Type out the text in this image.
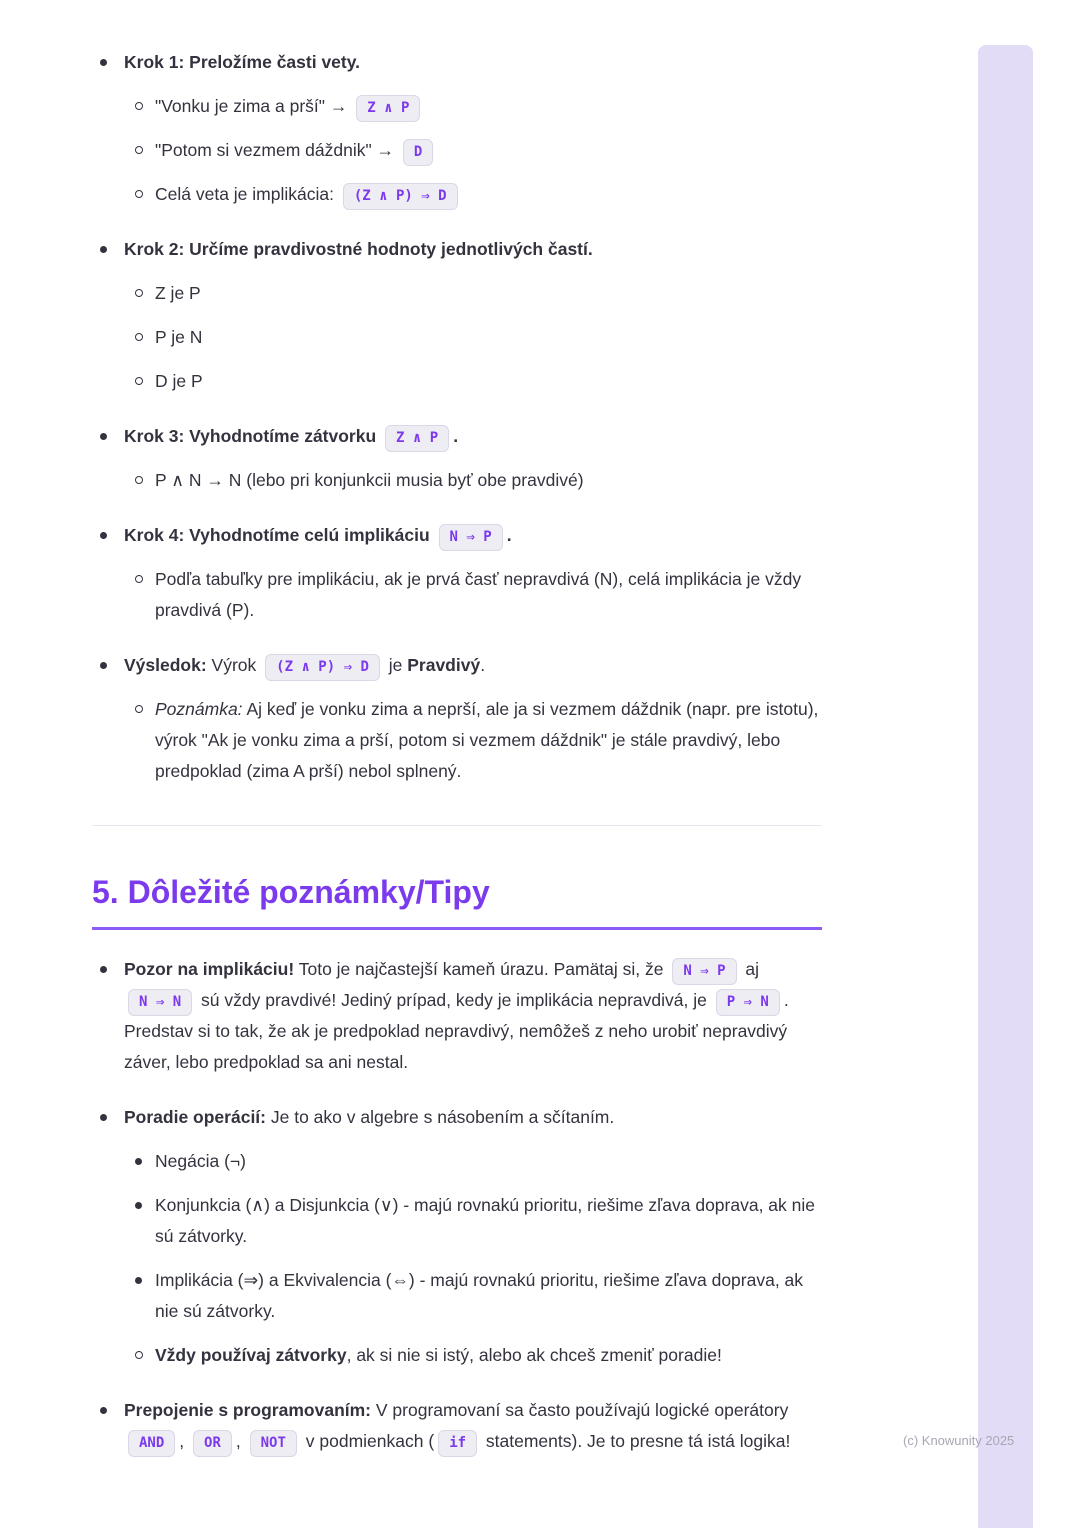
Krok 1: Preložíme časti vety.
"Vonku je zima a prší" → Z ∧ P
"Potom si vezmem dáždnik" → D
Celá veta je implikácia: (Z ∧ P) ⇒ D
Krok 2: Určíme pravdivostné hodnoty jednotlivých častí.
Z je P
P je N
D je P
Krok 3: Vyhodnotíme zátvorku Z ∧ P .
P ∧ N → N (lebo pri konjunkcii musia byť obe pravdivé)
Krok 4: Vyhodnotíme celú implikáciu N ⇒ P .
Podľa tabuľky pre implikáciu, ak je prvá časť nepravdivá (N), celá implikácia je vždy pravdivá (P).
Výsledok: Výrok (Z ∧ P) ⇒ D je Pravdivý.
Poznámka: Aj keď je vonku zima a neprší, ale ja si vezmem dáždnik (napr. pre istotu), výrok "Ak je vonku zima a prší, potom si vezmem dáždnik" je stále pravdivý, lebo predpoklad (zima A prší) nebol splnený.
5. Dôležité poznámky/Tipy
Pozor na implikáciu! Toto je najčastejší kameň úrazu. Pamätaj si, že N ⇒ P aj N ⇒ N sú vždy pravdivé! Jediný prípad, kedy je implikácia nepravdivá, je P ⇒ N . Predstav si to tak, že ak je predpoklad nepravdivý, nemôžeš z neho urobiť nepravdivý záver, lebo predpoklad sa ani nestal.
Poradie operácií: Je to ako v algebre s násobením a sčítaním.
Negácia (¬)
Konjunkcia (∧) a Disjunkcia (∨) - majú rovnakú prioritu, riešime zľava doprava, ak nie sú zátvorky.
Implikácia (⇒) a Ekvivalencia (⇔) - majú rovnakú prioritu, riešime zľava doprava, ak nie sú zátvorky.
Vždy používaj zátvorky, ak si nie si istý, alebo ak chceš zmeniť poradie!
Prepojenie s programovaním: V programovaní sa často používajú logické operátory AND , OR , NOT v podmienkach ( if statements). Je to presne tá istá logika!	(c) Knowunity 2025
